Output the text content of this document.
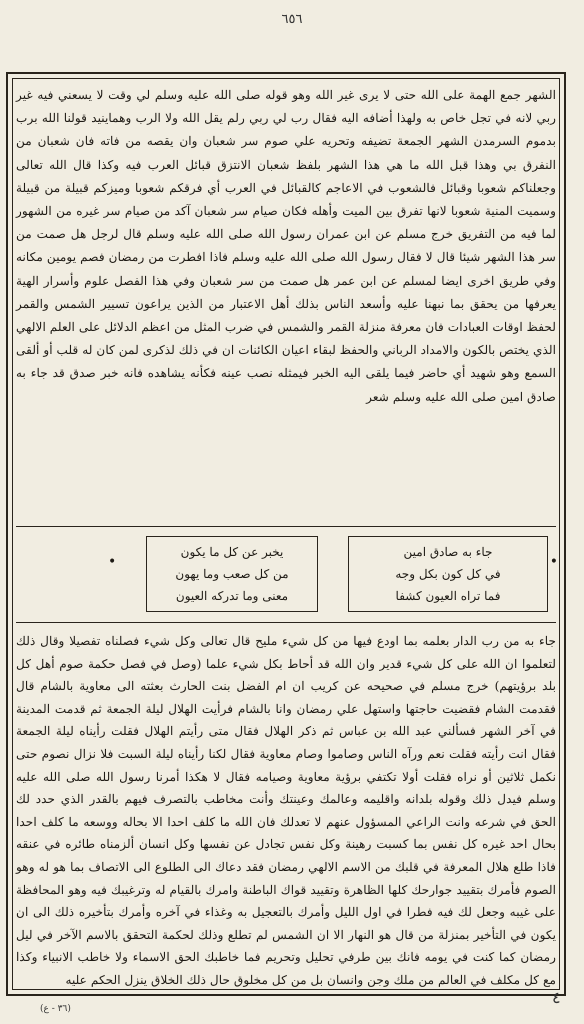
٦٥٦
الشهر جمع الهمة على الله حتى لا يرى غير الله وهو قوله صلى الله عليه وسلم لي وقت لا يسعني فيه غير ربي لانه في تجل خاص به ولهذا أضافه اليه فقال رب لي ربي رلم يقل الله ولا الرب وهماينيد قولنا الله برب بدموم السرمدن الشهر الجمعة تضيفه وتحريه علي صوم سر شعبان وان يقصه من فاته فان شعبان من النفرق بي وهذا قبل الله ما هي هذا الشهر بلفظ شعبان الانتزق قبائل العرب فيه وكذا قال الله تعالى وجعلناكم شعوبا وقبائل فالشعوب في الاعاجم كالقبائل في العرب أي فرقكم شعوبا وميزكم قبيلة من قبيلة وسميت المنية شعوبا لانها تفرق بين الميت وأهله فكان صيام سر شعبان آكد من صيام سر غيره من الشهور لما فيه من التفريق خرج مسلم عن ابن عمران رسول الله صلى الله عليه وسلم قال لرجل هل صمت من سر هذا الشهر شيئا قال لا فقال رسول الله صلى الله عليه وسلم فاذا افطرت من رمضان فصم يومين مكانه وفي طريق اخرى ايضا لمسلم عن ابن عمر هل صمت من سر شعبان وفي هذا الفصل علوم وأسرار الهية يعرفها من يحقق بما نبهنا عليه وأسعد الناس بذلك أهل الاعتبار من الذين يراعون تسيير الشمس والقمر لحفظ اوقات العبادات فان معرفة منزلة القمر والشمس في ضرب المثل من اعظم الدلائل على العلم الالهي الذي يختص بالكون والامداد الرباني والحفظ لبقاء اعيان الكائنات ان في ذلك لذكرى لمن كان له قلب أو ألقى السمع وهو شهيد أي حاضر فيما يلقى اليه الخبر فيمثله نصب عينه فكأنه يشاهده فانه خبر صدق قد جاء به صادق امين صلى الله عليه وسلم شعر
•
جاء به صادق امين
في كل كون بكل وجه
فما تراه العيون كشفا
يخبر عن كل ما يكون
من كل صعب وما يهون
معنى وما تدركه العيون
•
جاء به من رب الدار بعلمه بما اودع فيها من كل شيء مليح قال تعالى وكل شيء فصلناه تفصيلا وقال ذلك لتعلموا ان الله على كل شيء قدير وان الله قد أحاط بكل شيء علما (وصل في فصل حكمة صوم أهل كل بلد برؤيتهم) خرج مسلم في صحيحه عن كريب ان ام الفضل بنت الحارث بعثته الى معاوية بالشام قال فقدمت الشام فقضيت حاجتها واستهل علي رمضان وانا بالشام فرأيت الهلال ليلة الجمعة ثم قدمت المدينة في آخر الشهر فسألني عبد الله بن عباس ثم ذكر الهلال فقال متى رأيتم الهلال فقلت رأيناه ليلة الجمعة فقال انت رأيته فقلت نعم ورآه الناس وصاموا وصام معاوية فقال لكنا رأيناه ليلة السبت فلا نزال نصوم حتى نكمل ثلاثين أو نراه فقلت أولا تكتفي برؤية معاوية وصيامه فقال لا هكذا أمرنا رسول الله صلى الله عليه وسلم فيدل ذلك وقوله بلدانه واقليمه وعالمك وعينتك وأنت مخاطب بالتصرف فيهم بالقدر الذي حدد لك الحق في شرعه وانت الراعي المسؤول عنهم لا تعدلك فان الله ما كلف احدا الا بحاله ووسعه ما كلف احدا بحال احد غيره كل نفس بما كسبت رهينة وكل نفس تجادل عن نفسها وكل انسان ألزمناه طائره في عنقه فاذا طلع هلال المعرفة في قلبك من الاسم الالهي رمضان فقد دعاك الى الطلوع الى الاتصاف بما هو له وهو الصوم فأمرك بتقييد جوارحك كلها الظاهرة وتقييد قواك الباطنة وامرك بالقيام له وترغيبك فيه وهو المحافظة على غيبه وجعل لك فيه فطرا في اول الليل وأمرك بالتعجيل به وغذاء في آخره وأمرك بتأخيره ذلك الى ان يكون في التأخير بمنزلة من قال هو النهار الا ان الشمس لم تطلع وذلك لحكمة التحقق بالاسم الآخر في ليل رمضان كما كنت في يومه فانك بين طرفي تحليل وتحريم فما خاطبك الحق الاسماء ولا خاطب الانبياء وكذا مع كل مكلف في العالم من ملك وجن وانسان بل من كل مخلوق حال ذلك الخلاق ينزل الحكم عليه
(٣٦ - ع)
٤
